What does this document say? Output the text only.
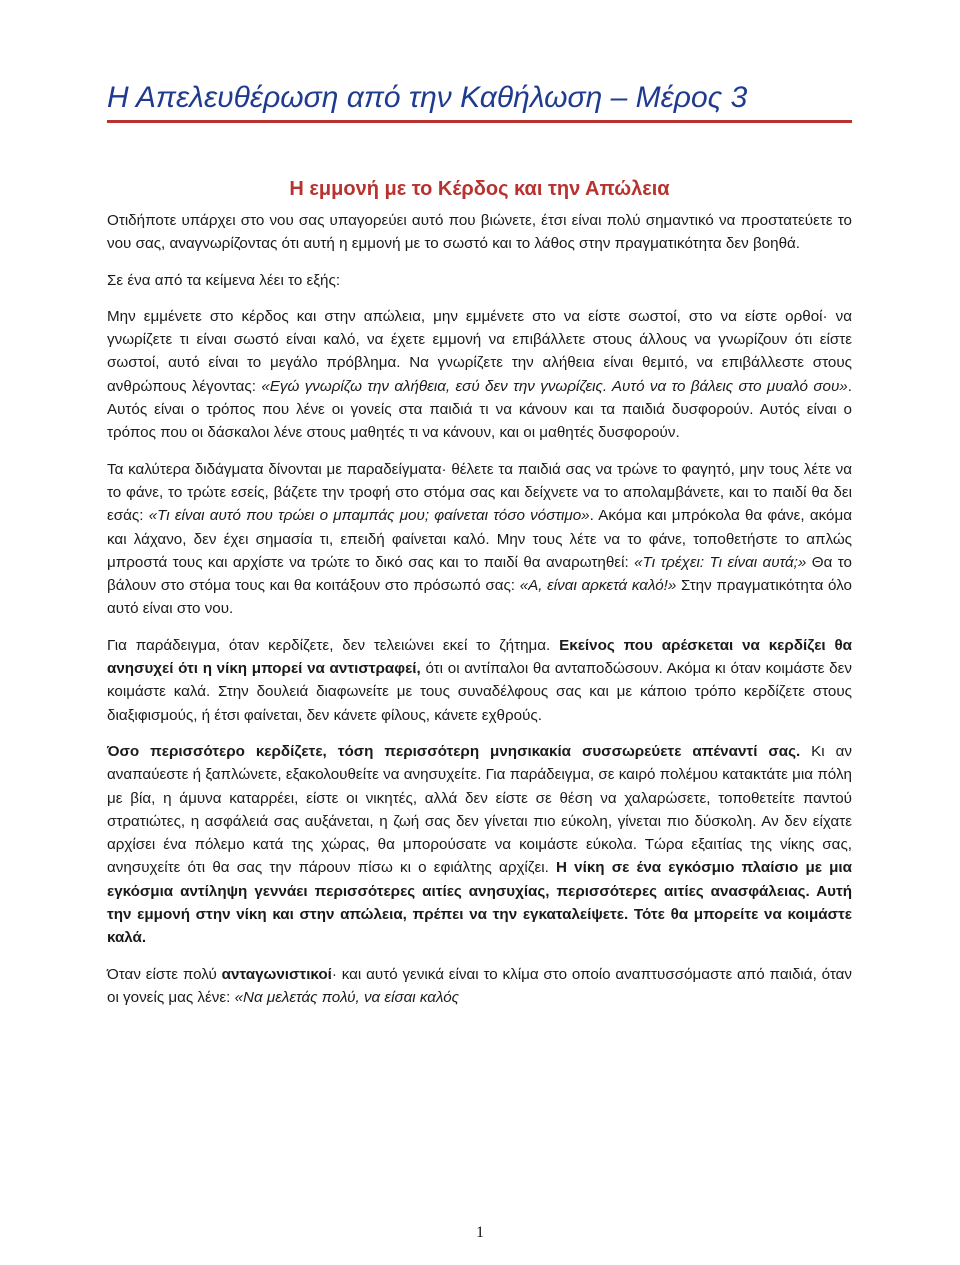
Η Απελευθέρωση από την Καθήλωση – Μέρος 3
Η εμμονή με το Κέρδος και την Απώλεια

Οτιδήποτε υπάρχει στο νου σας υπαγορεύει αυτό που βιώνετε, έτσι είναι πολύ σημαντικό να προστατεύετε το νου σας, αναγνωρίζοντας ότι αυτή η εμμονή με το σωστό και το λάθος στην πραγματικότητα δεν βοηθά.

Σε ένα από τα κείμενα λέει το εξής:

Μην εμμένετε στο κέρδος και στην απώλεια, μην εμμένετε στο να είστε σωστοί, στο να είστε ορθοί· να γνωρίζετε τι είναι σωστό είναι καλό, να έχετε εμμονή να επιβάλλετε στους άλλους να γνωρίζουν ότι είστε σωστοί, αυτό είναι το μεγάλο πρόβλημα. Να γνωρίζετε την αλήθεια είναι θεμιτό, να επιβάλλεστε στους ανθρώπους λέγοντας: «Εγώ γνωρίζω την αλήθεια, εσύ δεν την γνωρίζεις. Αυτό να το βάλεις στο μυαλό σου». Αυτός είναι ο τρόπος που λένε οι γονείς στα παιδιά τι να κάνουν και τα παιδιά δυσφορούν. Αυτός είναι ο τρόπος που οι δάσκαλοι λένε στους μαθητές τι να κάνουν, και οι μαθητές δυσφορούν.

Τα καλύτερα διδάγματα δίνονται με παραδείγματα· θέλετε τα παιδιά σας να τρώνε το φαγητό, μην τους λέτε να το φάνε, το τρώτε εσείς, βάζετε την τροφή στο στόμα σας και δείχνετε να το απολαμβάνετε, και το παιδί θα δει εσάς: «Τι είναι αυτό που τρώει ο μπαμπάς μου; φαίνεται τόσο νόστιμο». Ακόμα και μπρόκολα θα φάνε, ακόμα και λάχανο, δεν έχει σημασία τι, επειδή φαίνεται καλό. Μην τους λέτε να το φάνε, τοποθετήστε το απλώς μπροστά τους και αρχίστε να τρώτε το δικό σας και το παιδί θα αναρωτηθεί: «Τι τρέχει: Τι είναι αυτά;» Θα το βάλουν στο στόμα τους και θα κοιτάξουν στο πρόσωπό σας: «Α, είναι αρκετά καλό!» Στην πραγματικότητα όλο αυτό είναι στο νου.

Για παράδειγμα, όταν κερδίζετε, δεν τελειώνει εκεί το ζήτημα. Εκείνος που αρέσκεται να κερδίζει θα ανησυχεί ότι η νίκη μπορεί να αντιστραφεί, ότι οι αντίπαλοι θα ανταποδώσουν. Ακόμα κι όταν κοιμάστε δεν κοιμάστε καλά. Στην δουλειά διαφωνείτε με τους συναδέλφους σας και με κάποιο τρόπο κερδίζετε στους διαξιφισμούς, ή έτσι φαίνεται, δεν κάνετε φίλους, κάνετε εχθρούς.

Όσο περισσότερο κερδίζετε, τόση περισσότερη μνησικακία συσσωρεύετε απέναντί σας. Κι αν αναπαύεστε ή ξαπλώνετε, εξακολουθείτε να ανησυχείτε. Για παράδειγμα, σε καιρό πολέμου κατακτάτε μια πόλη με βία, η άμυνα καταρρέει, είστε οι νικητές, αλλά δεν είστε σε θέση να χαλαρώσετε, τοποθετείτε παντού στρατιώτες, η ασφάλειά σας αυξάνεται, η ζωή σας δεν γίνεται πιο εύκολη, γίνεται πιο δύσκολη. Αν δεν είχατε αρχίσει ένα πόλεμο κατά της χώρας, θα μπορούσατε να κοιμάστε εύκολα. Τώρα εξαιτίας της νίκης σας, ανησυχείτε ότι θα σας την πάρουν πίσω κι ο εφιάλτης αρχίζει. Η νίκη σε ένα εγκόσμιο πλαίσιο με μια εγκόσμια αντίληψη γεννάει περισσότερες αιτίες ανησυχίας, περισσότερες αιτίες ανασφάλειας. Αυτή την εμμονή στην νίκη και στην απώλεια, πρέπει να την εγκαταλείψετε. Τότε θα μπορείτε να κοιμάστε καλά.

Όταν είστε πολύ ανταγωνιστικοί· και αυτό γενικά είναι το κλίμα στο οποίο αναπτυσσόμαστε από παιδιά, όταν οι γονείς μας λένε: «Να μελετάς πολύ, να είσαι καλός

1
